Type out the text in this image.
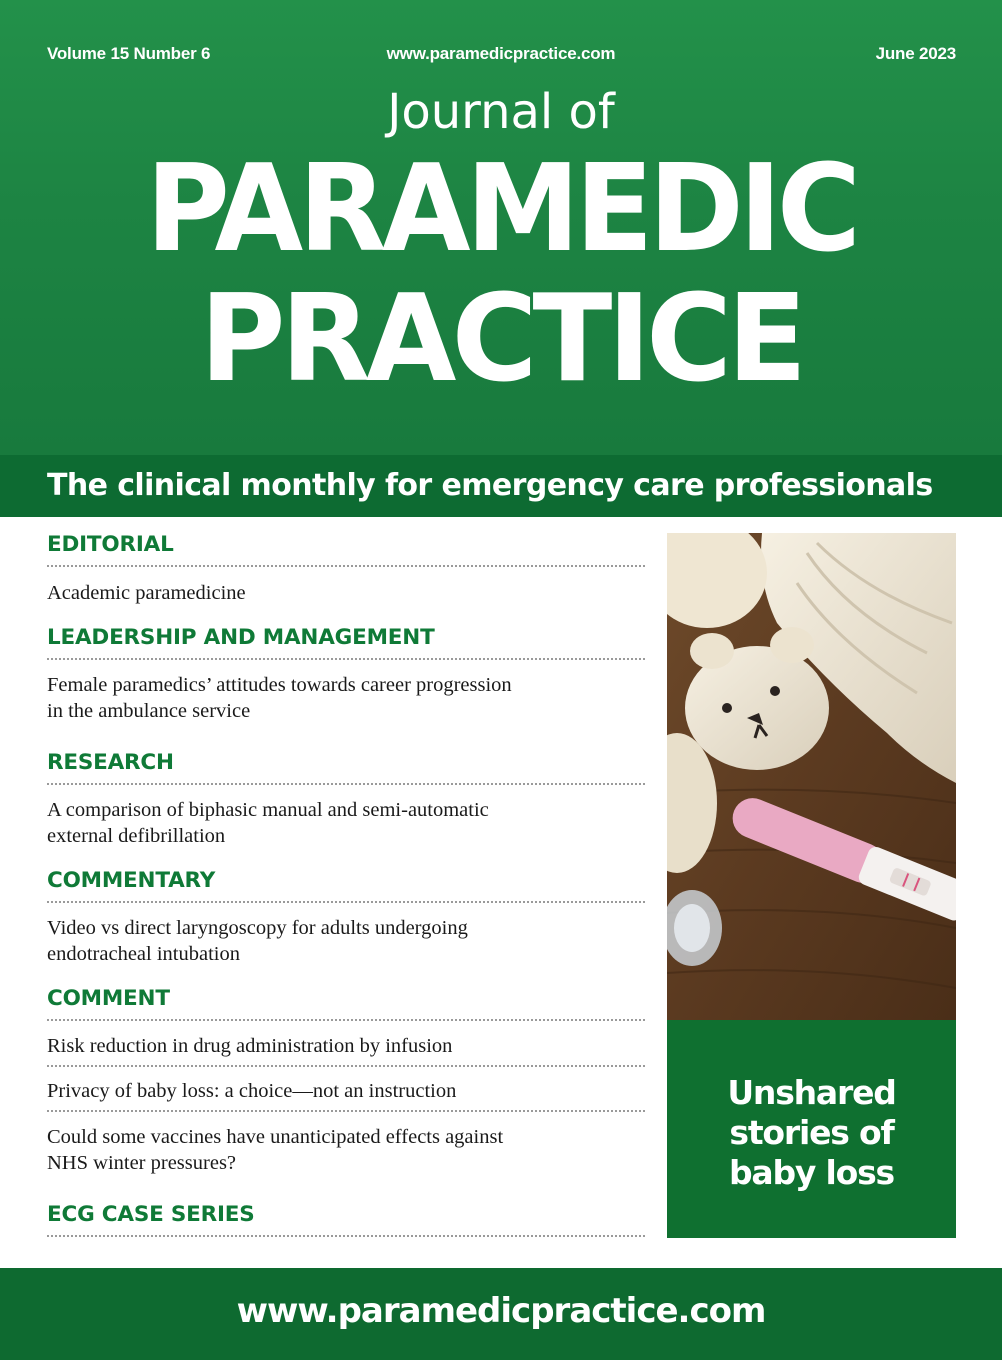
Volume 15 Number 6	www.paramedicpractice.com	June 2023
Journal of
PARAMEDIC
PRACTICE
The clinical monthly for emergency care professionals
EDITORIAL
Academic paramedicine
LEADERSHIP AND MANAGEMENT
Female paramedics’ attitudes towards career progression
in the ambulance service
RESEARCH
A comparison of biphasic manual and semi-automatic
external defibrillation
COMMENTARY
Video vs direct laryngoscopy for adults undergoing
endotracheal intubation
COMMENT
Risk reduction in drug administration by infusion
Privacy of baby loss: a choice—not an instruction
Could some vaccines have unanticipated effects against
NHS winter pressures?
ECG CASE SERIES
Unshared
stories of
baby loss
www.paramedicpractice.com
